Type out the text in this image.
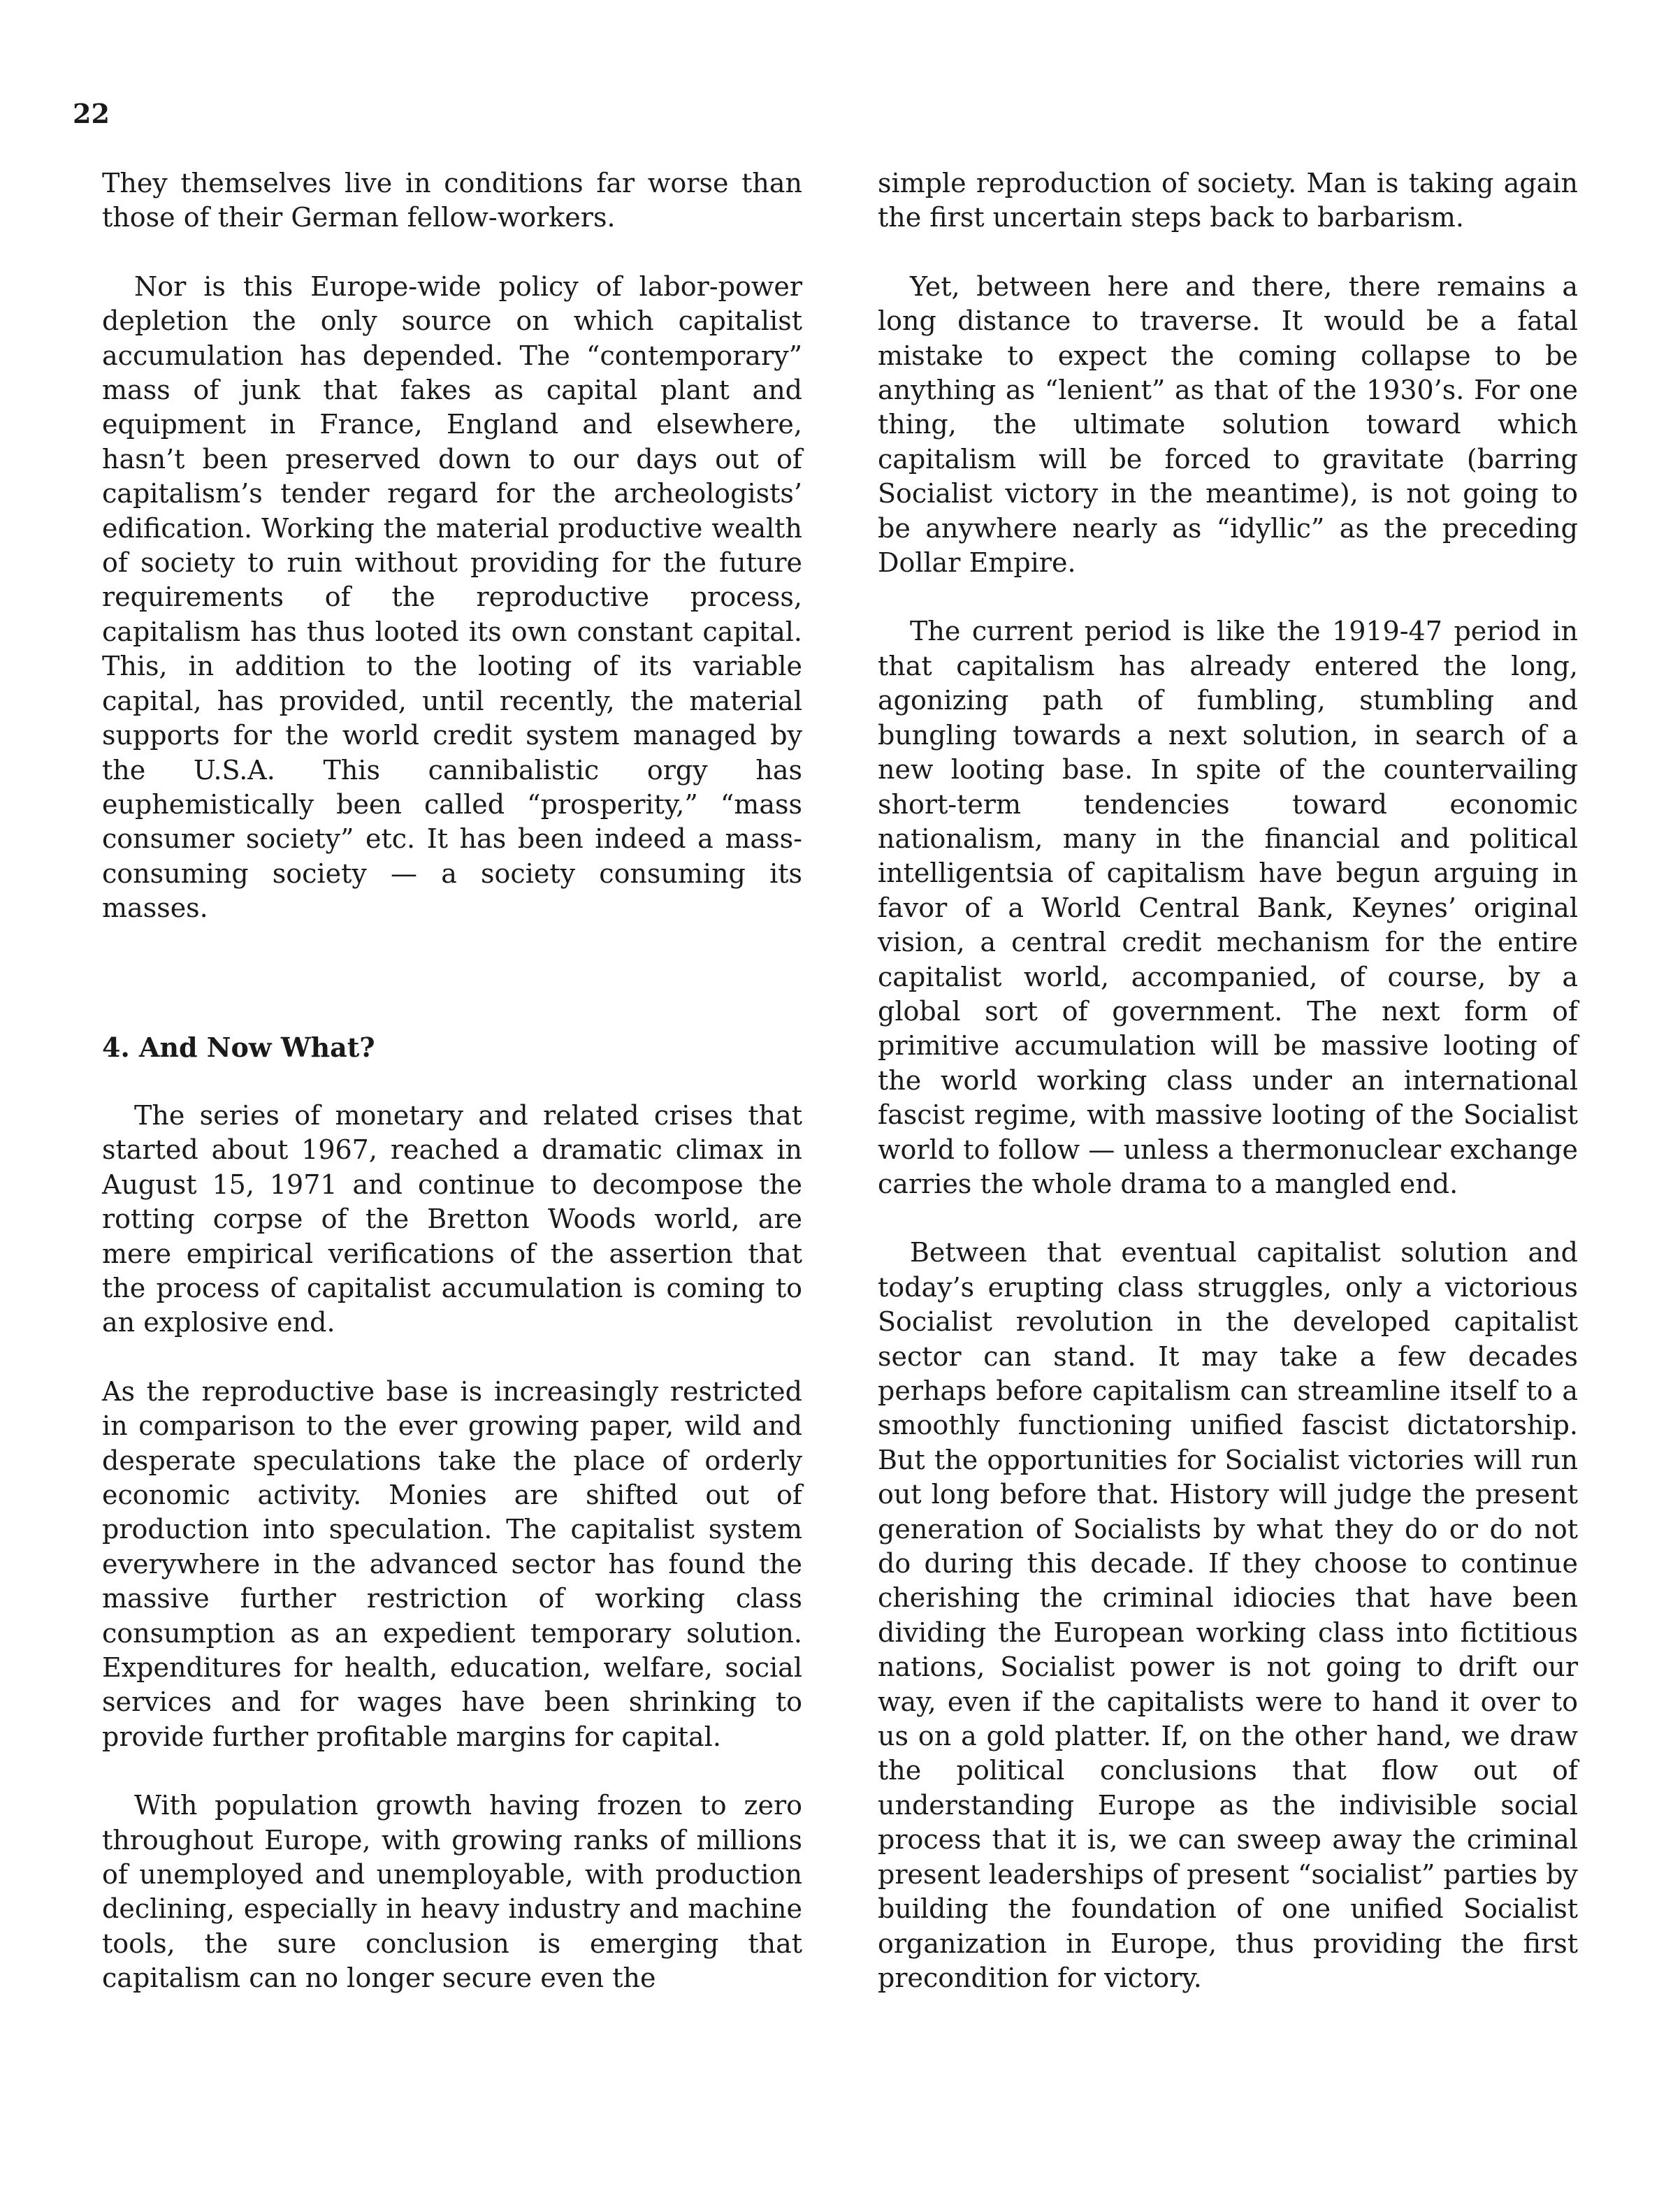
22

They themselves live in conditions far worse than those of their German fellow-workers.

Nor is this Europe-wide policy of labor-power depletion the only source on which capitalist accumulation has depended. The “contemporary” mass of junk that fakes as capital plant and equipment in France, England and elsewhere, hasn’t been preserved down to our days out of capitalism’s tender regard for the archeologists’ edification. Working the material productive wealth of society to ruin without providing for the future requirements of the reproductive process, capitalism has thus looted its own constant capital. This, in addition to the looting of its variable capital, has provided, until recently, the material supports for the world credit system managed by the U.S.A. This cannibalistic orgy has euphemistically been called “prosperity,” “mass consumer society” etc. It has been indeed a mass-consuming society — a society consuming its masses.

4. And Now What?

The series of monetary and related crises that started about 1967, reached a dramatic climax in August 15, 1971 and continue to decompose the rotting corpse of the Bretton Woods world, are mere empirical verifications of the assertion that the process of capitalist accumulation is coming to an explosive end.

As the reproductive base is increasingly restricted in comparison to the ever growing paper, wild and desperate speculations take the place of orderly economic activity. Monies are shifted out of production into speculation. The capitalist system everywhere in the advanced sector has found the massive further restriction of working class consumption as an expedient temporary solution. Expenditures for health, education, welfare, social services and for wages have been shrinking to provide further profitable margins for capital.

With population growth having frozen to zero throughout Europe, with growing ranks of millions of unemployed and unemployable, with production declining, especially in heavy industry and machine tools, the sure conclusion is emerging that capitalism can no longer secure even the

simple reproduction of society. Man is taking again the first uncertain steps back to barbarism.

Yet, between here and there, there remains a long distance to traverse. It would be a fatal mistake to expect the coming collapse to be anything as “lenient” as that of the 1930’s. For one thing, the ultimate solution toward which capitalism will be forced to gravitate (barring Socialist victory in the meantime), is not going to be anywhere nearly as “idyllic” as the preceding Dollar Empire.

The current period is like the 1919-47 period in that capitalism has already entered the long, agonizing path of fumbling, stumbling and bungling towards a next solution, in search of a new looting base. In spite of the countervailing short-term tendencies toward economic nationalism, many in the financial and political intelligentsia of capitalism have begun arguing in favor of a World Central Bank, Keynes’ original vision, a central credit mechanism for the entire capitalist world, accompanied, of course, by a global sort of government. The next form of primitive accumulation will be massive looting of the world working class under an international fascist regime, with massive looting of the Socialist world to follow — unless a thermonuclear exchange carries the whole drama to a mangled end.

Between that eventual capitalist solution and today’s erupting class struggles, only a victorious Socialist revolution in the developed capitalist sector can stand. It may take a few decades perhaps before capitalism can streamline itself to a smoothly functioning unified fascist dictatorship. But the opportunities for Socialist victories will run out long before that. History will judge the present generation of Socialists by what they do or do not do during this decade. If they choose to continue cherishing the criminal idiocies that have been dividing the European working class into fictitious nations, Socialist power is not going to drift our way, even if the capitalists were to hand it over to us on a gold platter. If, on the other hand, we draw the political conclusions that flow out of understanding Europe as the indivisible social process that it is, we can sweep away the criminal present leaderships of present “socialist” parties by building the foundation of one unified Socialist organization in Europe, thus providing the first precondition for victory.
